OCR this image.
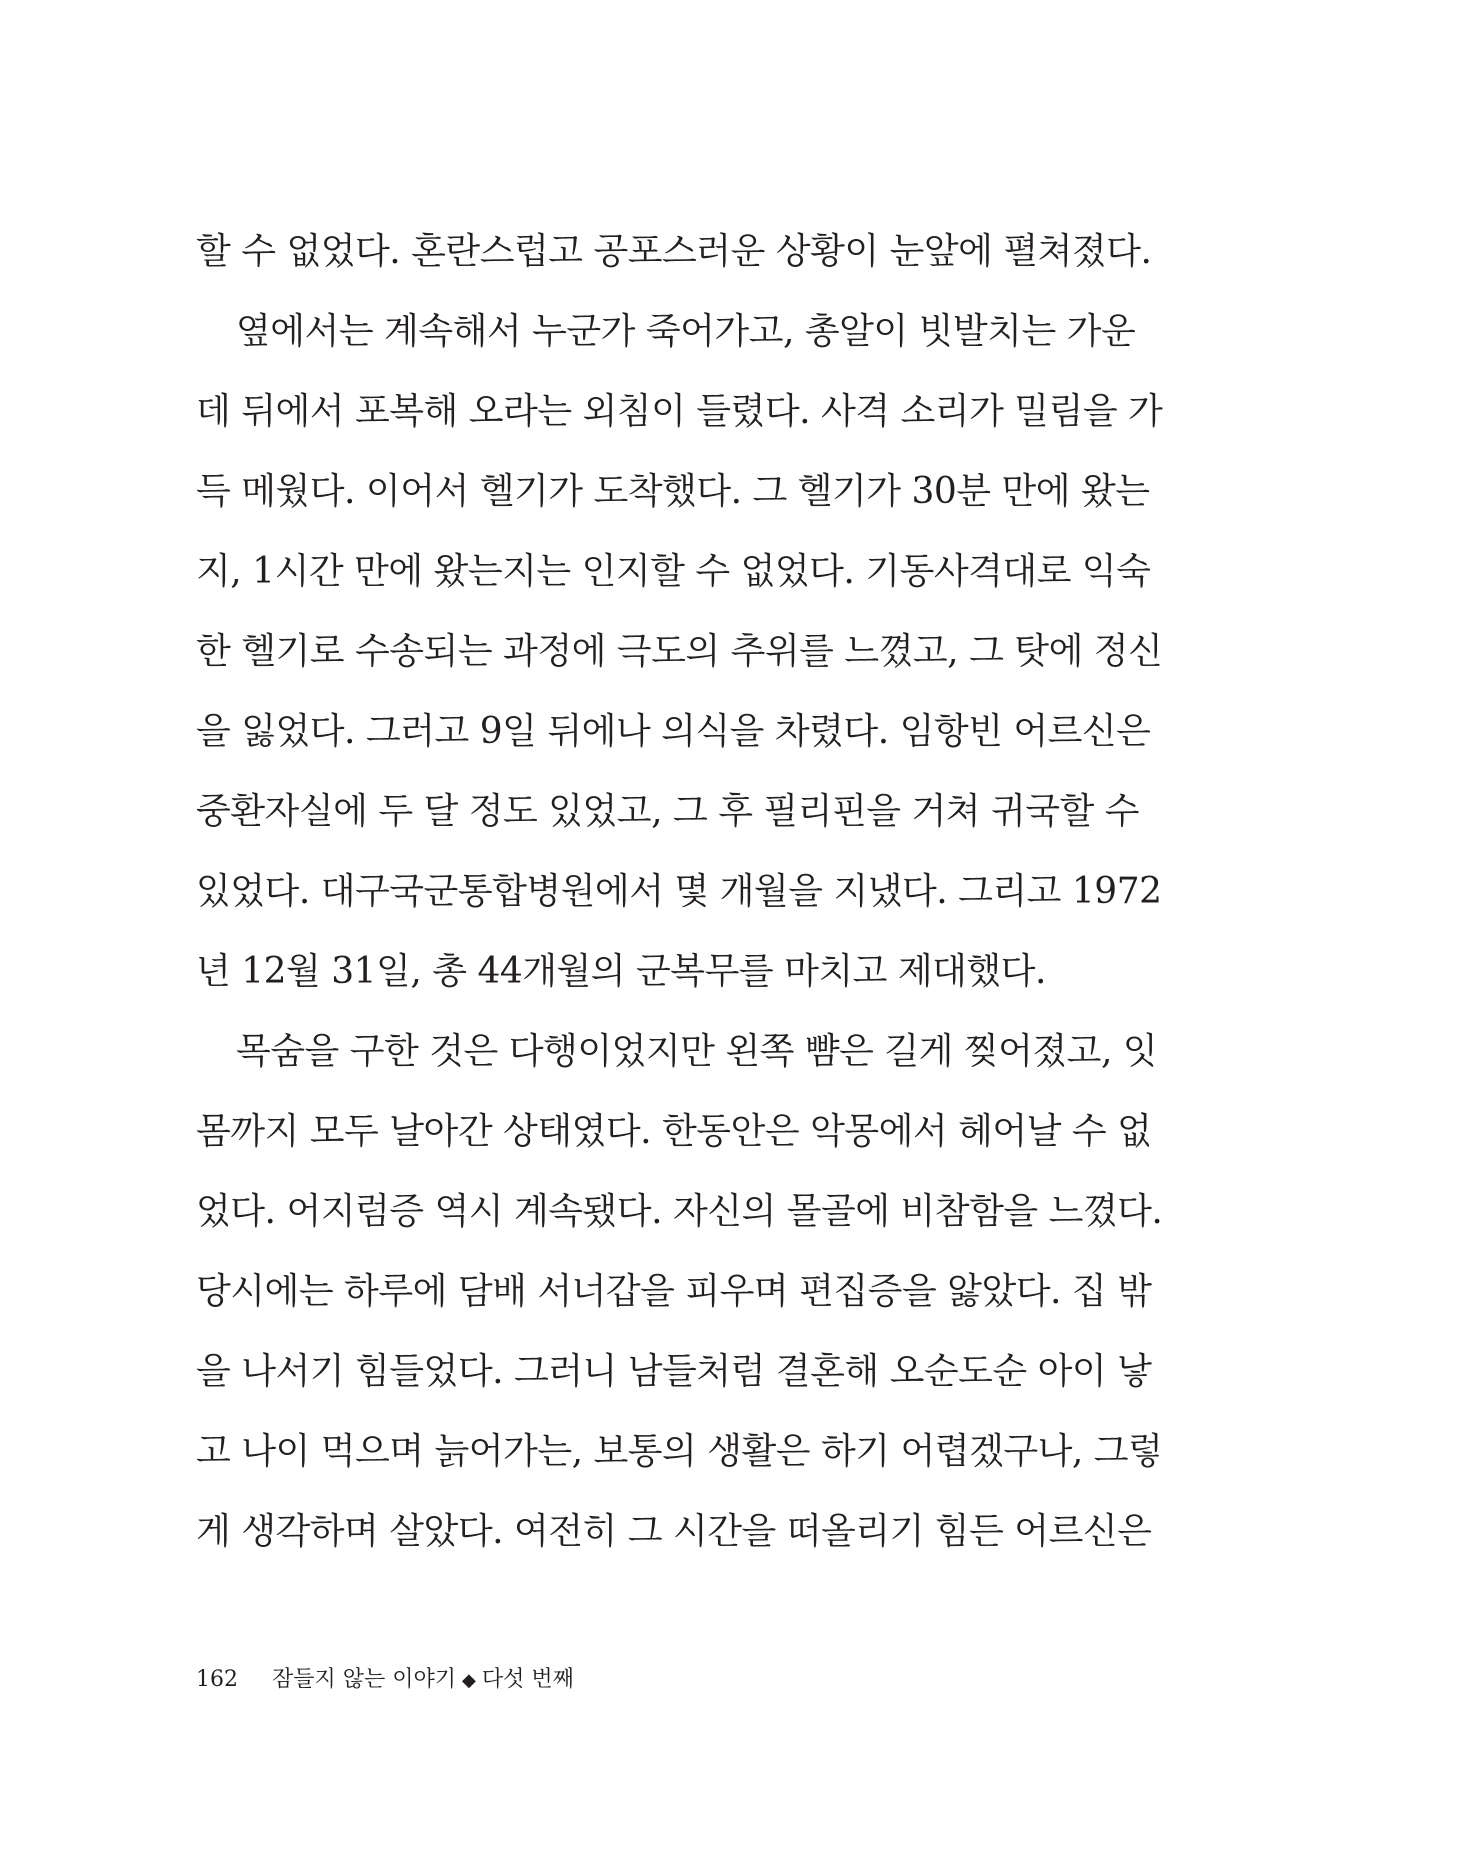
할 수 없었다. 혼란스럽고 공포스러운 상황이 눈앞에 펼쳐졌다.
옆에서는 계속해서 누군가 죽어가고, 총알이 빗발치는 가운
데 뒤에서 포복해 오라는 외침이 들렸다. 사격 소리가 밀림을 가
득 메웠다. 이어서 헬기가 도착했다. 그 헬기가 30분 만에 왔는
지, 1시간 만에 왔는지는 인지할 수 없었다. 기동사격대로 익숙
한 헬기로 수송되는 과정에 극도의 추위를 느꼈고, 그 탓에 정신
을 잃었다. 그러고 9일 뒤에나 의식을 차렸다. 임항빈 어르신은
중환자실에 두 달 정도 있었고, 그 후 필리핀을 거쳐 귀국할 수
있었다. 대구국군통합병원에서 몇 개월을 지냈다. 그리고 1972
년 12월 31일, 총 44개월의 군복무를 마치고 제대했다.
목숨을 구한 것은 다행이었지만 왼쪽 뺨은 길게 찢어졌고, 잇
몸까지 모두 날아간 상태였다. 한동안은 악몽에서 헤어날 수 없
었다. 어지럼증 역시 계속됐다. 자신의 몰골에 비참함을 느꼈다.
당시에는 하루에 담배 서너갑을 피우며 편집증을 앓았다. 집 밖
을 나서기 힘들었다. 그러니 남들처럼 결혼해 오순도순 아이 낳
고 나이 먹으며 늙어가는, 보통의 생활은 하기 어렵겠구나, 그렇
게 생각하며 살았다. 여전히 그 시간을 떠올리기 힘든 어르신은
162 잠들지 않는 이야기 ◆ 다섯 번째
